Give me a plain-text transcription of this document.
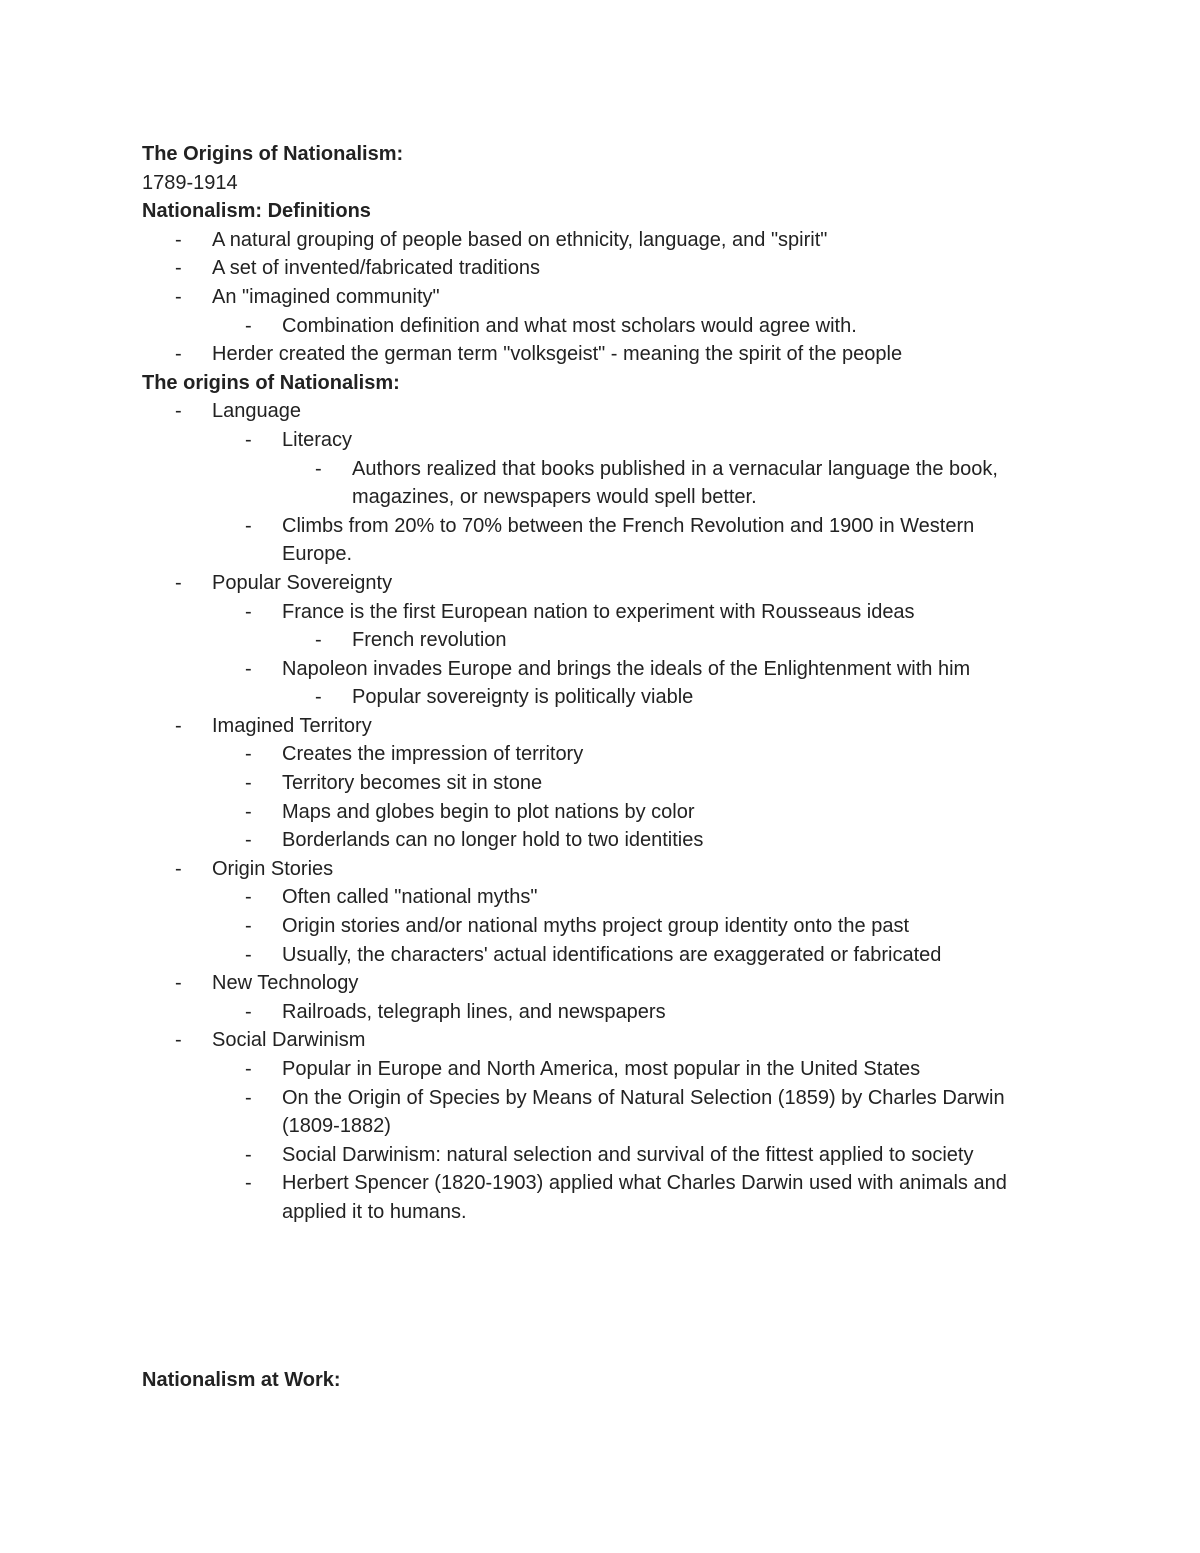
The Origins of Nationalism:
1789-1914
Nationalism: Definitions
-	A natural grouping of people based on ethnicity, language, and "spirit"
-	A set of invented/fabricated traditions
-	An "imagined community"
-	Combination definition and what most scholars would agree with.
-	Herder created the german term "volksgeist" - meaning the spirit of the people
The origins of Nationalism:
-	Language
-	Literacy
-	Authors realized that books published in a vernacular language the book, magazines, or newspapers would spell better.
-	Climbs from 20% to 70% between the French Revolution and 1900 in Western Europe.
-	Popular Sovereignty
-	France is the first European nation to experiment with Rousseaus ideas
-	French revolution
-	Napoleon invades Europe and brings the ideals of the Enlightenment with him
-	Popular sovereignty is politically viable
-	Imagined Territory
-	Creates the impression of territory
-	Territory becomes sit in stone
-	Maps and globes begin to plot nations by color
-	Borderlands can no longer hold to two identities
-	Origin Stories
-	Often called "national myths"
-	Origin stories and/or national myths project group identity onto the past
-	Usually, the characters' actual identifications are exaggerated or fabricated
-	New Technology
-	Railroads, telegraph lines, and newspapers
-	Social Darwinism
-	Popular in Europe and North America, most popular in the United States
-	On the Origin of Species by Means of Natural Selection (1859) by Charles Darwin (1809-1882)
-	Social Darwinism: natural selection and survival of the fittest applied to society
-	Herbert Spencer (1820-1903) applied what Charles Darwin used with animals and applied it to humans.
Nationalism at Work:
